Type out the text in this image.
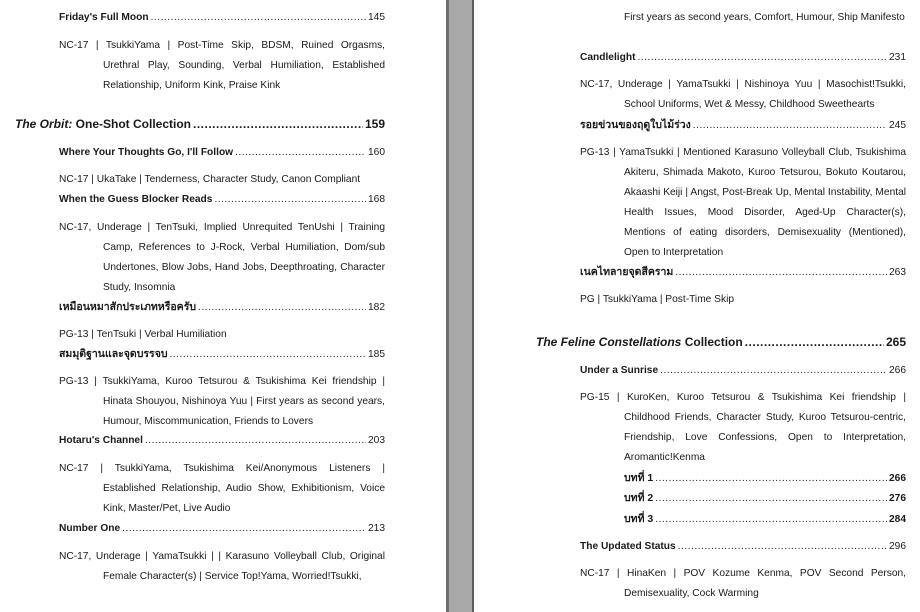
Friday's Full Moon .....	145
NC-17 | TsukkiYama | Post-Time Skip, BDSM, Ruined Orgasms, Urethral Play, Sounding, Verbal Humiliation, Established Relationship, Uniform Kink, Praise Kink
The Orbit: One-Shot Collection .....	159
Where Your Thoughts Go, I'll Follow .....	160
NC-17 | UkaTake | Tenderness, Character Study, Canon Compliant
When the Guess Blocker Reads .....	168
NC-17, Underage | TenTsuki, Implied Unrequited TenUshi | Training Camp, References to J-Rock, Verbal Humiliation, Dom/sub Undertones, Blow Jobs, Hand Jobs, Deepthroating, Character Study, Insomnia
เหมือนหมาสักประเภทหรือครับ .....	182
PG-13 | TenTsuki | Verbal Humiliation
สมมุติฐานและจุดบรรจบ .....	185
PG-13 | TsukkiYama, Kuroo Tetsurou & Tsukishima Kei friendship | Hinata Shouyou, Nishinoya Yuu | First years as second years, Humour, Miscommunication, Friends to Lovers
Hotaru's Channel .....	203
NC-17 | TsukkiYama, Tsukishima Kei/Anonymous Listeners | Established Relationship, Audio Show, Exhibitionism, Voice Kink, Master/Pet, Live Audio
Number One .....	213
NC-17, Underage | YamaTsukki | | Karasuno Volleyball Club, Original Female Character(s) | Service Top!Yama, Worried!Tsukki,
First years as second years, Comfort, Humour, Ship Manifesto
Candlelight .....	231
NC-17, Underage | YamaTsukki | Nishinoya Yuu | Masochist!Tsukki, School Uniforms, Wet & Messy, Childhood Sweethearts
รอยข่วนของฤดูใบไม้ร่วง .....	245
PG-13 | YamaTsukki | Mentioned Karasuno Volleyball Club, Tsukishima Akiteru, Shimada Makoto, Kuroo Tetsurou, Bokuto Koutarou, Akaashi Keiji | Angst, Post-Break Up, Mental Instability, Mental Health Issues, Mood Disorder, Aged-Up Character(s), Mentions of eating disorders, Demisexuality (Mentioned), Open to Interpretation
เนคไทลายจุดสีคราม .....	263
PG | TsukkiYama | Post-Time Skip
The Feline Constellations Collection .....	265
Under a Sunrise .....	266
PG-15 | KuroKen, Kuroo Tetsurou & Tsukishima Kei friendship | Childhood Friends, Character Study, Kuroo Tetsurou-centric, Friendship, Love Confessions, Open to Interpretation, Aromantic!Kenma
บทที่ 1 .....	266
บทที่ 2 .....	276
บทที่ 3 .....	284
The Updated Status .....	296
NC-17 | HinaKen | POV Kozume Kenma, POV Second Person, Demisexuality, Cock Warming
